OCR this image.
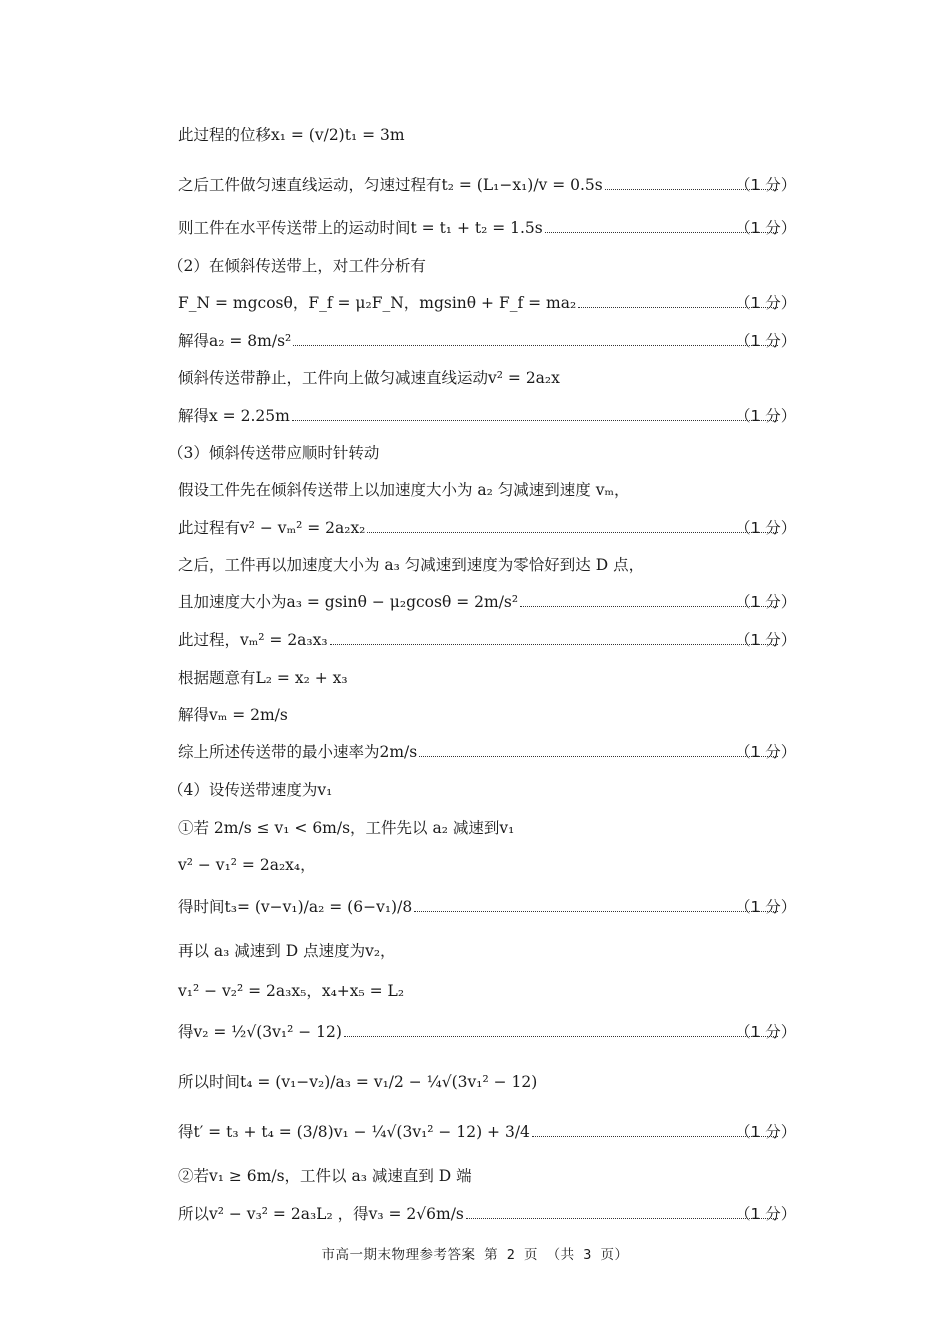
此过程的位移x₁ = (v/2)t₁ = 3m
之后工件做匀速直线运动，匀速过程有t₂ = (L₁−x₁)/v = 0.5s	（1 分）
则工件在水平传送带上的运动时间t = t₁ + t₂ = 1.5s	（1 分）
（2）在倾斜传送带上，对工件分析有
F_N = mgcosθ，F_f = μ₂F_N，mgsinθ + F_f = ma₂	（1 分）
解得a₂ = 8m/s²	（1 分）
倾斜传送带静止，工件向上做匀减速直线运动v² = 2a₂x
解得x = 2.25m	（1 分）
（3）倾斜传送带应顺时针转动
假设工件先在倾斜传送带上以加速度大小为 a₂ 匀减速到速度 vₘ，
此过程有v² − vₘ² = 2a₂x₂	（1 分）
之后，工件再以加速度大小为 a₃ 匀减速到速度为零恰好到达 D 点，
且加速度大小为a₃ = gsinθ − μ₂gcosθ = 2m/s²	（1 分）
此过程，vₘ² = 2a₃x₃	（1 分）
根据题意有L₂ = x₂ + x₃
解得vₘ = 2m/s
综上所述传送带的最小速率为2m/s	（1 分）
（4）设传送带速度为v₁
①若 2m/s ≤ v₁ < 6m/s，工件先以 a₂ 减速到v₁
v² − v₁² = 2a₂x₄，
得时间t₃= (v−v₁)/a₂ = (6−v₁)/8	（1 分）
再以 a₃ 减速到 D 点速度为v₂，
v₁² − v₂² = 2a₃x₅，x₄+x₅ = L₂
得v₂ = ½√(3v₁² − 12)	（1 分）
所以时间t₄ = (v₁−v₂)/a₃ = v₁/2 − ¼√(3v₁² − 12)
得t′ = t₃ + t₄ = (3/8)v₁ − ¼√(3v₁² − 12) + 3/4	（1 分）
②若v₁ ≥ 6m/s，工件以 a₃ 减速直到 D 端
所以v² − v₃² = 2a₃L₂ ，得v₃ = 2√6m/s	（1 分）
市高一期末物理参考答案 第 2 页 （共 3 页）
